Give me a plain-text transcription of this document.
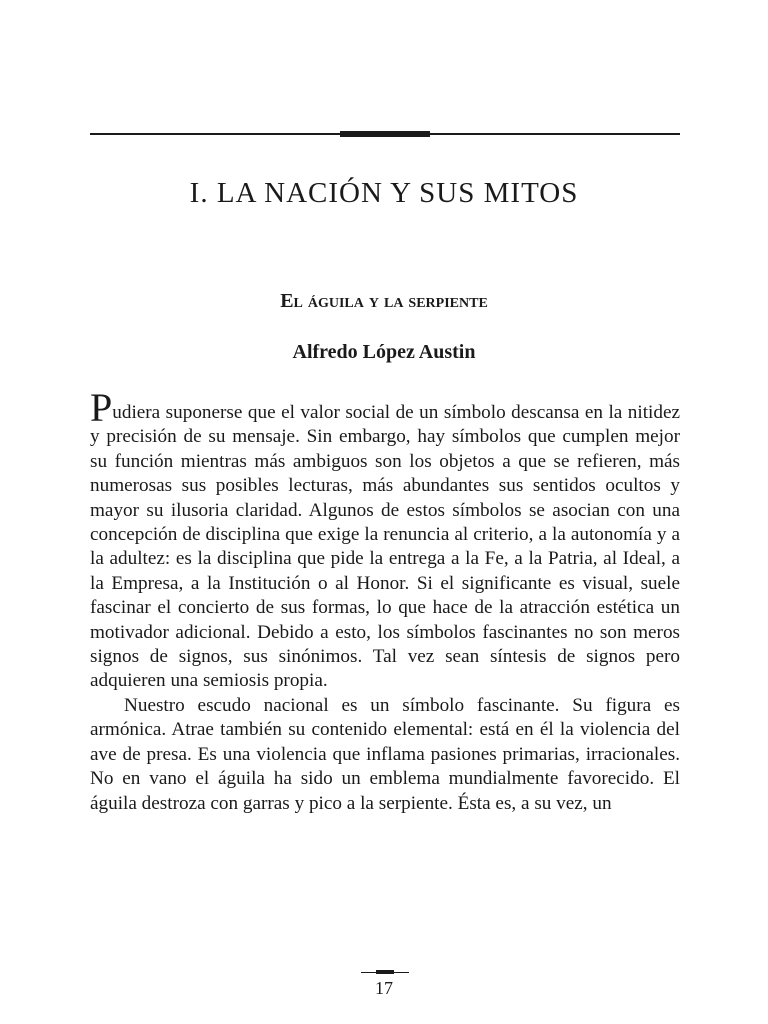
I. LA NACIÓN Y SUS MITOS
El águila y la serpiente
Alfredo López Austin

Pudiera suponerse que el valor social de un símbolo descansa en la nitidez y precisión de su mensaje. Sin embargo, hay símbolos que cumplen mejor su función mientras más ambiguos son los objetos a que se refieren, más numerosas sus posibles lecturas, más abundantes sus sentidos ocultos y mayor su ilusoria claridad. Algunos de estos símbolos se asocian con una concepción de disciplina que exige la renuncia al criterio, a la autonomía y a la adultez: es la disciplina que pide la entrega a la Fe, a la Patria, al Ideal, a la Empresa, a la Institución o al Honor. Si el significante es visual, suele fascinar el concierto de sus formas, lo que hace de la atracción estética un motivador adicional. Debido a esto, los símbolos fascinantes no son meros signos de signos, sus sinónimos. Tal vez sean síntesis de signos pero adquieren una semiosis propia.

Nuestro escudo nacional es un símbolo fascinante. Su figura es armónica. Atrae también su contenido elemental: está en él la violencia del ave de presa. Es una violencia que inflama pasiones primarias, irracionales. No en vano el águila ha sido un emblema mundialmente favorecido. El águila destroza con garras y pico a la serpiente. Ésta es, a su vez, un

17
